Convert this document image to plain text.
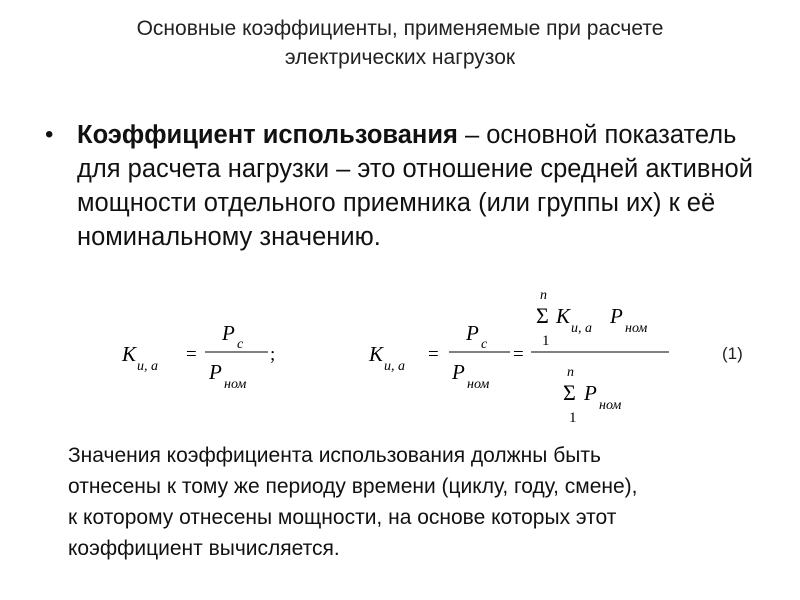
Основные коэффициенты, применяемые при расчете
электрических нагрузок
• Коэффициент использования – основной показатель для расчета нагрузки – это отношение средней активной мощности отдельного приемника (или группы их) к её номинальному значению.
K
и, а
=
P с
P
ном
;	K
и, а
=
P с
P
ном
=
n
Σ
1
K
и, а
P
ном
n
Σ
1
P
ном
(1)
Значения коэффициента использования должны быть
отнесены к тому же периоду времени (циклу, году, смене),
к которому отнесены мощности, на основе которых этот
коэффициент вычисляется.
